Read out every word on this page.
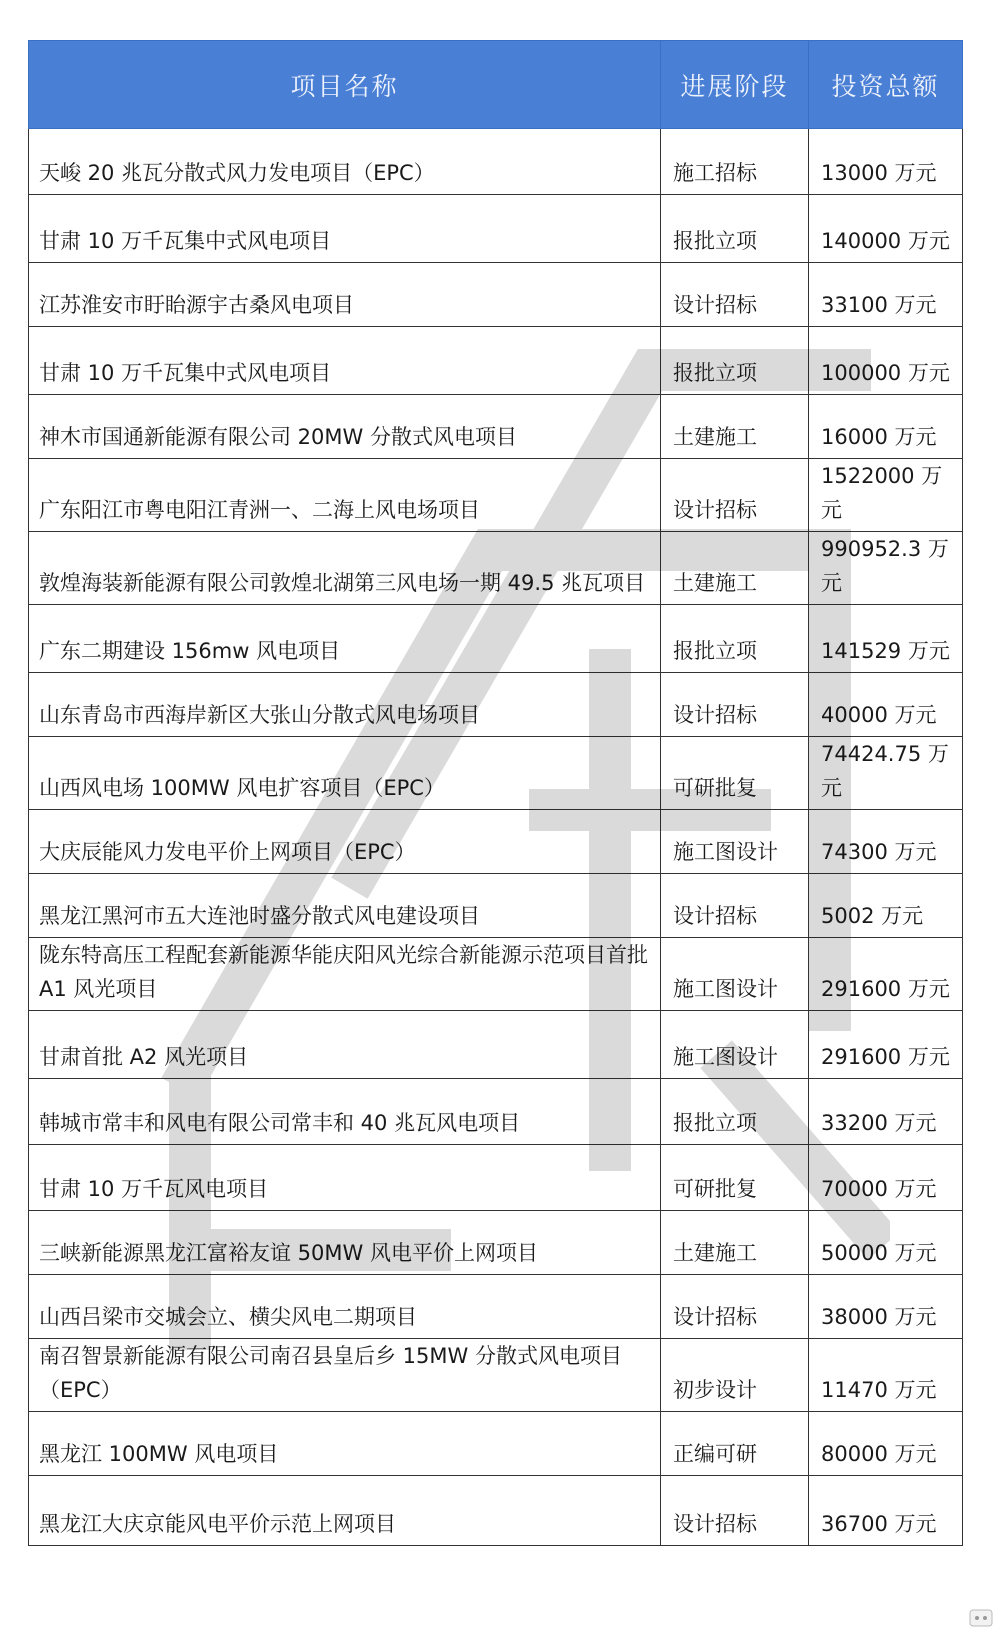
项目名称	进展阶段	投资总额
天峻 20 兆瓦分散式风力发电项目（EPC）	施工招标	13000 万元
甘肃 10 万千瓦集中式风电项目	报批立项	140000 万元
江苏淮安市盱眙源宇古桑风电项目	设计招标	33100 万元
甘肃 10 万千瓦集中式风电项目	报批立项	100000 万元
神木市国通新能源有限公司 20MW 分散式风电项目	土建施工	16000 万元
广东阳江市粤电阳江青洲一、二海上风电场项目	设计招标	1522000 万元
敦煌海装新能源有限公司敦煌北湖第三风电场一期 49.5 兆瓦项目	土建施工	990952.3 万元
广东二期建设 156mw 风电项目	报批立项	141529 万元
山东青岛市西海岸新区大张山分散式风电场项目	设计招标	40000 万元
山西风电场 100MW 风电扩容项目（EPC）	可研批复	74424.75 万元
大庆辰能风力发电平价上网项目（EPC）	施工图设计	74300 万元
黑龙江黑河市五大连池时盛分散式风电建设项目	设计招标	5002 万元
陇东特高压工程配套新能源华能庆阳风光综合新能源示范项目首批 A1 风光项目	施工图设计	291600 万元
甘肃首批 A2 风光项目	施工图设计	291600 万元
韩城市常丰和风电有限公司常丰和 40 兆瓦风电项目	报批立项	33200 万元
甘肃 10 万千瓦风电项目	可研批复	70000 万元
三峡新能源黑龙江富裕友谊 50MW 风电平价上网项目	土建施工	50000 万元
山西吕梁市交城会立、横尖风电二期项目	设计招标	38000 万元
南召智景新能源有限公司南召县皇后乡 15MW 分散式风电项目（EPC）	初步设计	11470 万元
黑龙江 100MW 风电项目	正编可研	80000 万元
黑龙江大庆京能风电平价示范上网项目	设计招标	36700 万元
